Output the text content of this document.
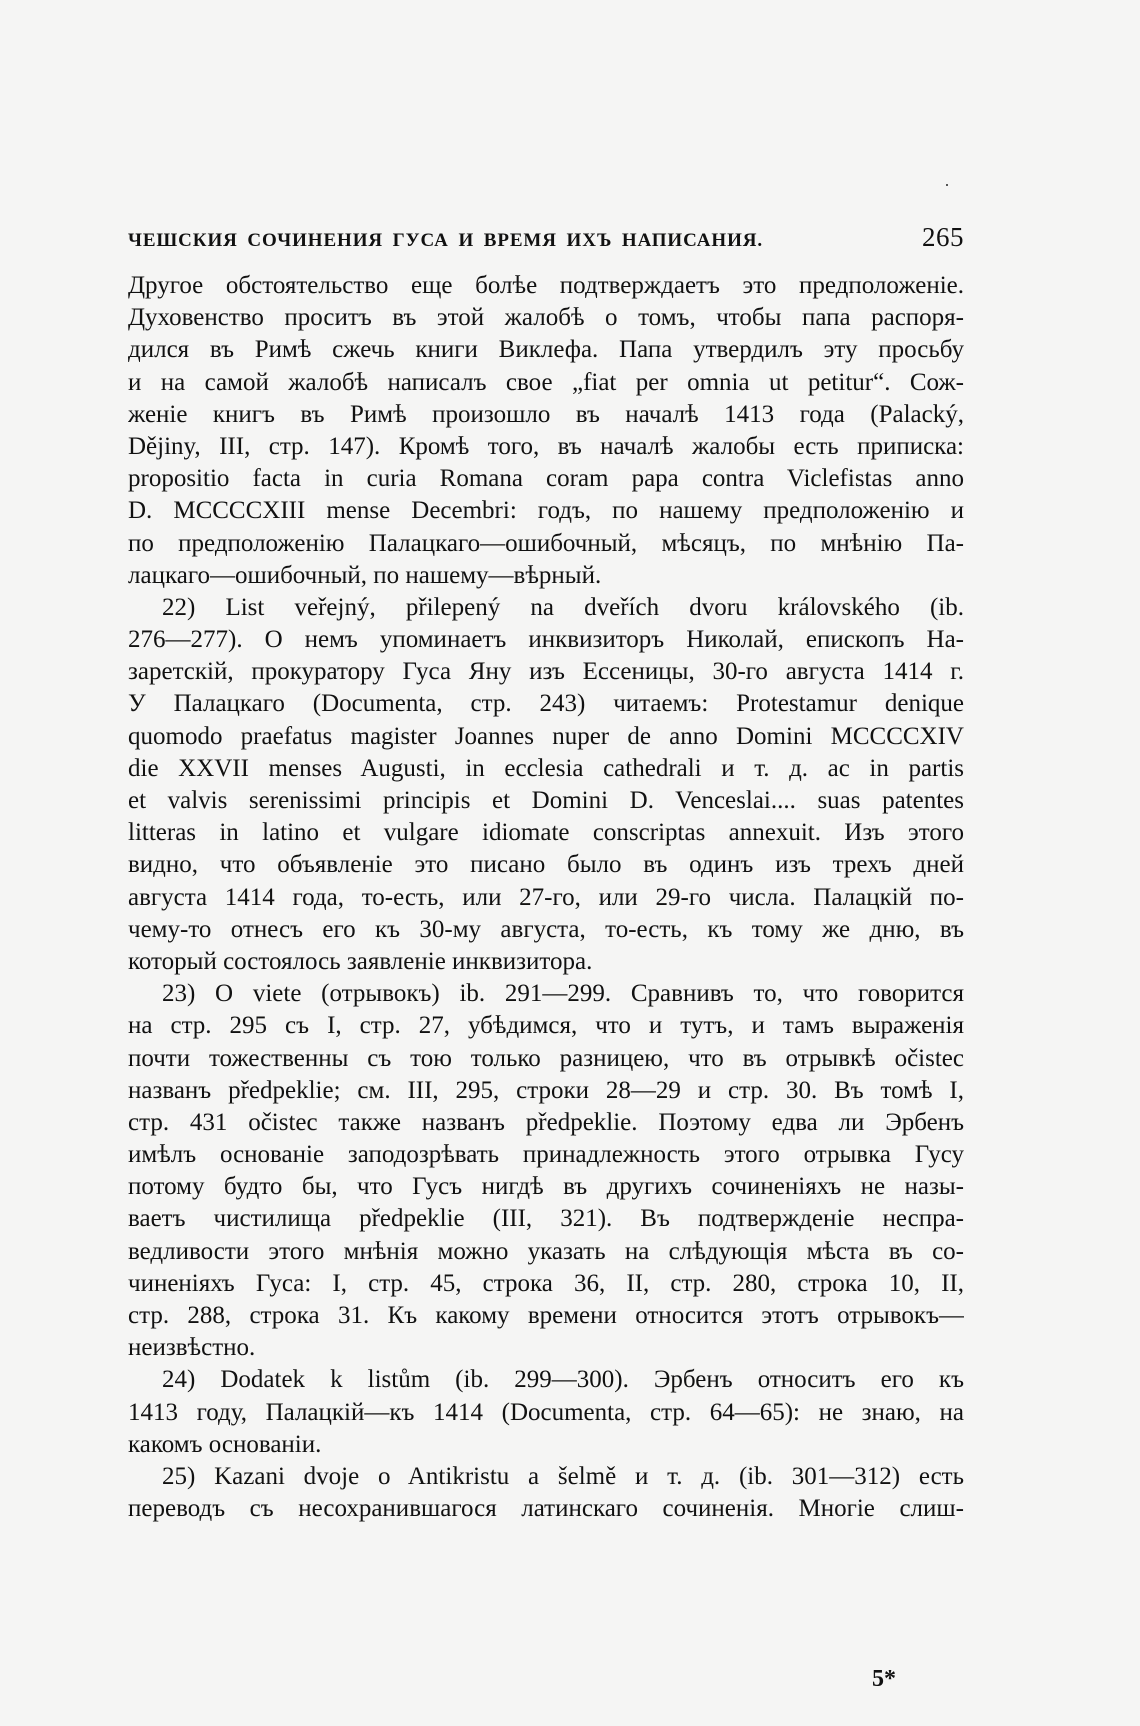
ЧЕШСКИЯ СОЧИНЕНИЯ ГУСА И ВРЕМЯ ИХЪ НАПИСАНИЯ.	265
Другое обстоятельство еще болѣе подтверждаетъ это предположеніе.
Духовенство проситъ въ этой жалобѣ о томъ, чтобы папа распоря-
дился въ Римѣ сжечь книги Виклефа. Папа утвердилъ эту просьбу
и на самой жалобѣ написалъ свое „fiat per omnia ut petitur“. Сож-
женіе книгъ въ Римѣ произошло въ началѣ 1413 года (Palacký,
Dějiny, III, стр. 147). Кромѣ того, въ началѣ жалобы есть приписка:
propositio facta in curia Romana coram papa contra Viclefistas anno
D. MCCCCXIII mense Decembri: годъ, по нашему предположенію и
по предположенію Палацкаго—ошибочный, мѣсяцъ, по мнѣнію Па-
лацкаго—ошибочный, по нашему—вѣрный.
22) List veřejný, přilepený na dveřích dvoru královského (ib.
276—277). О немъ упоминаетъ инквизиторъ Николай, епископъ На-
заретскій, прокуратору Гуса Яну изъ Ессеницы, 30-го августа 1414 г.
У Палацкаго (Documenta, стр. 243) читаемъ: Protestamur denique
quomodo praefatus magister Joannes nuper de anno Domini MCCCCXIV
die XXVII menses Augusti, in ecclesia cathedrali и т. д. ac in partis
et valvis serenissimi principis et Domini D. Venceslai.... suas patentes
litteras in latino et vulgare idiomate conscriptas annexuit. Изъ этого
видно, что объявленіе это писано было въ одинъ изъ трехъ дней
августа 1414 года, то-есть, или 27-го, или 29-го числа. Палацкій по-
чему-то отнесъ его къ 30-му августа, то-есть, къ тому же дню, въ
который состоялось заявленіе инквизитора.
23) O viete (отрывокъ) ib. 291—299. Сравнивъ то, что говорится
на стр. 295 съ I, стр. 27, убѣдимся, что и тутъ, и тамъ выраженія
почти тожественны съ тою только разницею, что въ отрывкѣ očistec
названъ předpeklie; см. III, 295, строки 28—29 и стр. 30. Въ томѣ I,
стр. 431 očistec также названъ předpeklie. Поэтому едва ли Эрбенъ
имѣлъ основаніе заподозрѣвать принадлежность этого отрывка Гусу
потому будто бы, что Гусъ нигдѣ въ другихъ сочиненіяхъ не назы-
ваетъ чистилища předpeklie (III, 321). Въ подтвержденіе неспра-
ведливости этого мнѣнія можно указать на слѣдующія мѣста въ со-
чиненіяхъ Гуса: I, стр. 45, строка 36, II, стр. 280, строка 10, II,
стр. 288, строка 31. Къ какому времени относится этотъ отрывокъ—
неизвѣстно.
24) Dodatek k listům (ib. 299—300). Эрбенъ относитъ его къ
1413 году, Палацкій—къ 1414 (Documenta, стр. 64—65): не знаю, на
какомъ основаніи.
25) Kazani dvoje o Antikristu a šelmě и т. д. (ib. 301—312) есть
переводъ съ несохранившагося латинскаго сочиненія. Многіе слиш-
5*
